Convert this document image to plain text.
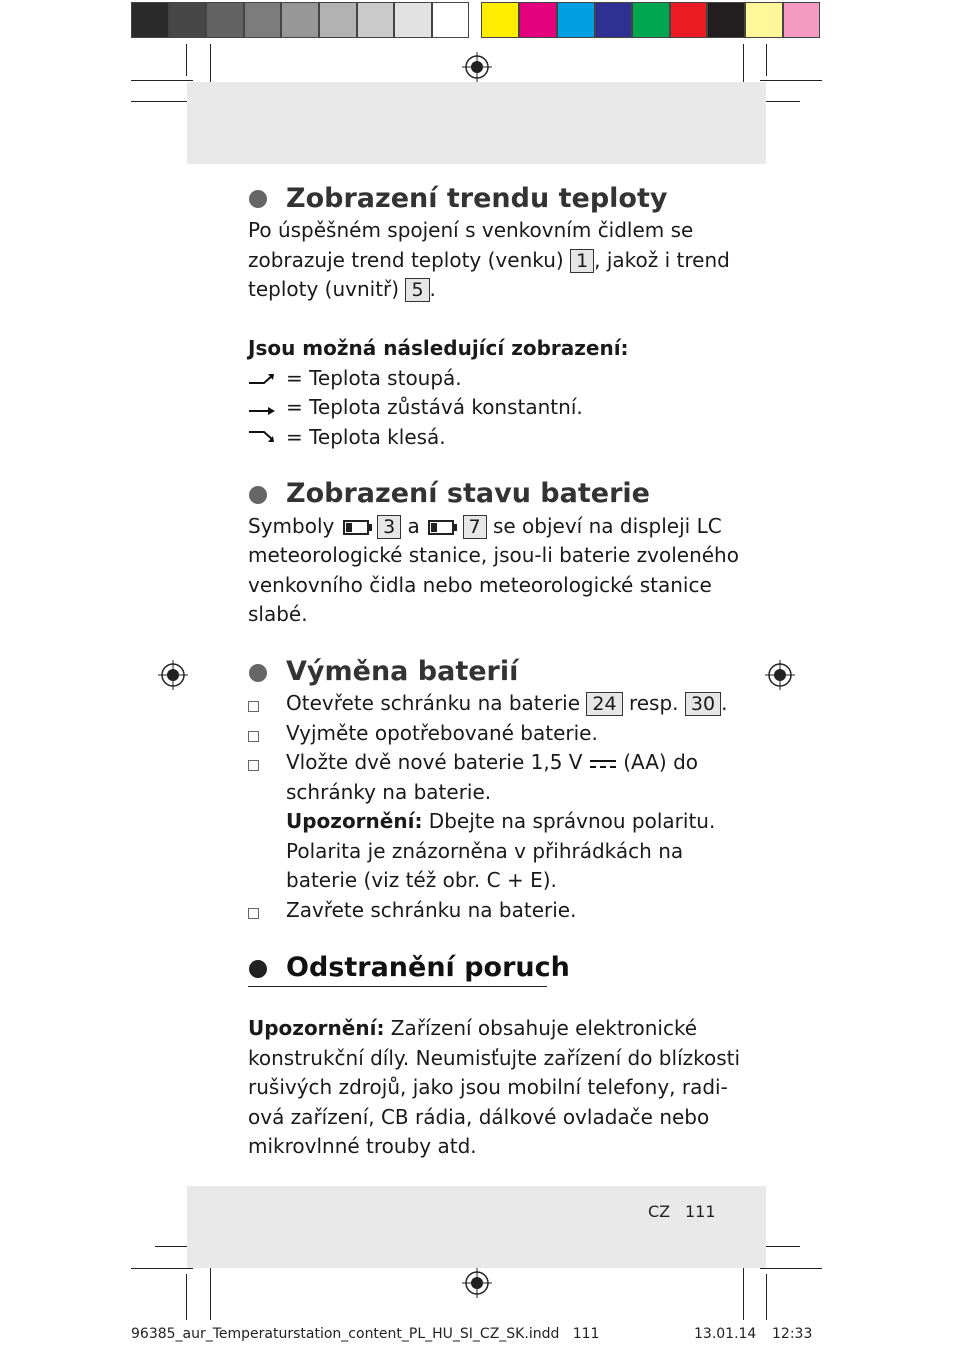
Zobrazení trendu teploty
Po úspěšném spojení s venkovním čidlem se
zobrazuje trend teploty (venku) 1 , jakož i trend
teploty (uvnitř) 5 .
Jsou možná následující zobrazení:
= Teplota stoupá.
= Teplota zůstává konstantní.
= Teplota klesá.
Zobrazení stavu baterie
Symboly	3 a	7 se objeví na displeji LC
meteorologické stanice, jsou-li baterie zvoleného
venkovního čidla nebo meteorologické stanice
slabé.
Výměna baterií
Otevřete schránku na baterie 24 resp. 30 .
Vyjměte opotřebované baterie.
Vložte dvě nové baterie 1,5 V (AA) do
schránky na baterie.
Upozornění: Dbejte na správnou polaritu.
Polarita je znázorněna v přihrádkách na
baterie (viz též obr. C + E).
Zavřete schránku na baterie.
Odstranění poruch
Upozornění: Zařízení obsahuje elektronické
konstrukční díly. Neumisťujte zařízení do blízkosti
rušivých zdrojů, jako jsou mobilní telefony, radi-
ová zařízení, CB rádia, dálkové ovladače nebo
mikrovlnné trouby atd.
CZ 111
96385_aur_Temperaturstation_content_PL_HU_SI_CZ_SK.indd   111	13.01.14 12:33
